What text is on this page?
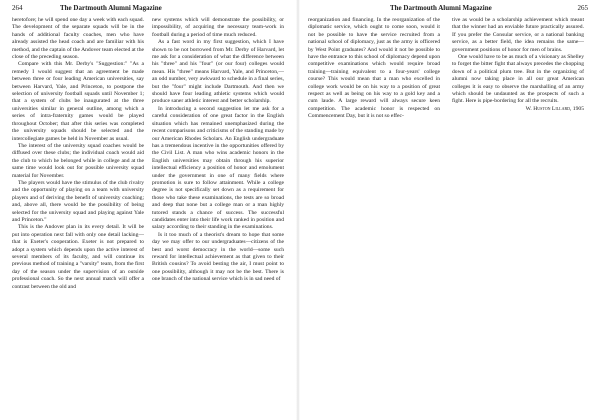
264	The Dartmouth Alumni Magazine

heretofore; he will spend one day a week with each squad. The development of the separate squads will be in the hands of additional faculty coaches, men who have already assisted the head coach and are familiar with his method, and the captain of the Andover team elected at the close of the preceding season.

Compare with this Mr. Derby's "Suggestion:" "As a remedy I would suggest that an agreement be made between three or four leading American universities, say between Harvard, Yale, and Princeton, to postpone the selection of university football squads until November 1; that a system of clubs be inaugurated at the three universities similar in general outline, among which a series of intra-fraternity games would be played throughout October; that after this series was completed the university squads should be selected and the intercollegiate games be held in November as usual.

The interest of the university squad coaches would be diffused over these clubs; the individual coach would aid the club to which he belonged while in college and at the same time would look out for possible university squad material for November.

The players would have the stimulus of the club rivalry and the opportunity of playing on a team with university players and of deriving the benefit of university coaching; and, above all, there would be the possibility of being selected for the university squad and playing against Yale and Princeton."

This is the Andover plan in its every detail. It will be put into operation next fall with only one detail lacking—that is Exeter's cooperation. Exeter is not prepared to adopt a system which depends upon the active interest of several members of its faculty, and will continue its previous method of training a "varsity" team, from the first day of the season under the supervision of an outside professional coach. So the next annual match will offer a contrast between the old and

new systems which will demonstrate the possibility, or impossibility, of acquiring the necessary team-work in football during a period of time much reduced.

As a fast word in my first suggestion, which I have shown to be not borrowed from Mr. Derby of Harvard, let me ask for a consideration of what the difference between his "three" and his "four" (or our four) colleges would mean. His "three" means Harvard, Yale, and Princeton,—an odd number, very awkward to schedule in a final series, but the "four" might include Dartmouth. And then we should have four leading athletic systems which would produce saner athletic interest and better scholarship.

In introducing a second suggestion let me ask for a careful consideration of one great factor in the English situation which has remained unemphasized during the recent comparisons and criticisms of the standing made by our American Rhodes Scholars. An English undergraduate has a tremendous incentive in the opportunities offered by the Civil List. A man who wins academic honors in the English universities may obtain through his superior intellectual efficiency a position of honor and emolument under the government in one of many fields where promotion is sure to follow attainment. While a college degree is not specifically set down as a requirement for those who take these examinations, the tests are so broad and deep that none but a college man or a man highly tutored stands a chance of success. The successful candidates enter into their life work ranked in position and salary according to their standing in the examinations.

Is it too much of a theorist's dream to hope that some day we may offer to our undergraduates—citizens of the best and worst democracy in the world—some such reward for intellectual achievement as that given to their British cousins? To avoid besting the air, I must point to one possibility, although it may not be the best. There is one branch of the national service which is in sad need of

The Dartmouth Alumni Magazine	265

reorganization and financing. In the reorganization of the diplomatic service, which ought to come soon, would it not be possible to have the service recruited from a national school of diplomacy, just as the army is officered by West Point graduates? And would it not be possible to have the entrance to this school of diplomacy depend upon competitive examinations which would require broad training—training equivalent to a four-years' college course? This would mean that a man who excelled in college work would be on his way to a position of great respect as well as being on his way to a gold key and a cum laude. A large reward will always secure keen competition. The academic honor is respected on Commencement Day, but it is not so effec-

tive as would be a scholarship achievement which meant that the winner had an enviable future practically assured. If you prefer the Consular service, or a national banking service, as a better field, the idea remains the same—government positions of honor for men of brains.

One would have to be as much of a visionary as Shelley to forget the bitter fight that always precedes the chopping down of a political plum tree. But in the organizing of alumni now taking place in all our great American colleges it is easy to observe the marshalling of an army which should be undaunted as the prospects of such a fight. Here is pipe-bordering for all the recruits.

W. Huston Lillard, 1905
